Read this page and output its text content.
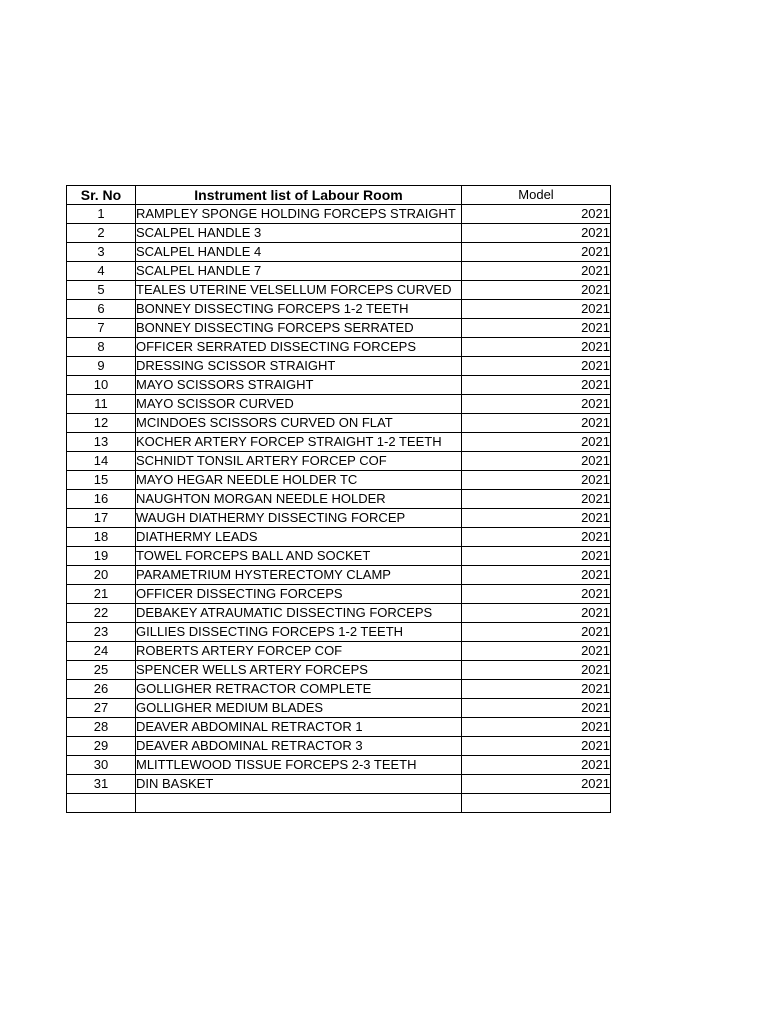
Sr. No	Instrument list of Labour Room	Model
1	RAMPLEY SPONGE HOLDING FORCEPS STRAIGHT	2021
2	SCALPEL HANDLE 3	2021
3	SCALPEL HANDLE 4	2021
4	SCALPEL HANDLE 7	2021
5	TEALES UTERINE VELSELLUM FORCEPS CURVED	2021
6	BONNEY DISSECTING FORCEPS 1-2 TEETH	2021
7	BONNEY DISSECTING FORCEPS SERRATED	2021
8	OFFICER SERRATED DISSECTING FORCEPS	2021
9	DRESSING SCISSOR STRAIGHT	2021
10	MAYO SCISSORS STRAIGHT	2021
11	MAYO SCISSOR CURVED	2021
12	MCINDOES SCISSORS CURVED ON FLAT	2021
13	KOCHER ARTERY FORCEP STRAIGHT 1-2 TEETH	2021
14	SCHNIDT TONSIL ARTERY FORCEP COF	2021
15	MAYO HEGAR NEEDLE HOLDER TC	2021
16	NAUGHTON MORGAN NEEDLE HOLDER	2021
17	WAUGH DIATHERMY DISSECTING FORCEP	2021
18	DIATHERMY LEADS	2021
19	TOWEL FORCEPS BALL AND SOCKET	2021
20	PARAMETRIUM HYSTERECTOMY CLAMP	2021
21	OFFICER DISSECTING FORCEPS	2021
22	DEBAKEY ATRAUMATIC DISSECTING FORCEPS	2021
23	GILLIES DISSECTING FORCEPS 1-2 TEETH	2021
24	ROBERTS ARTERY FORCEP COF	2021
25	SPENCER WELLS ARTERY FORCEPS	2021
26	GOLLIGHER RETRACTOR COMPLETE	2021
27	GOLLIGHER MEDIUM BLADES	2021
28	DEAVER ABDOMINAL RETRACTOR 1	2021
29	DEAVER ABDOMINAL RETRACTOR 3	2021
30	MLITTLEWOOD TISSUE FORCEPS 2-3 TEETH	2021
31	DIN BASKET	2021
